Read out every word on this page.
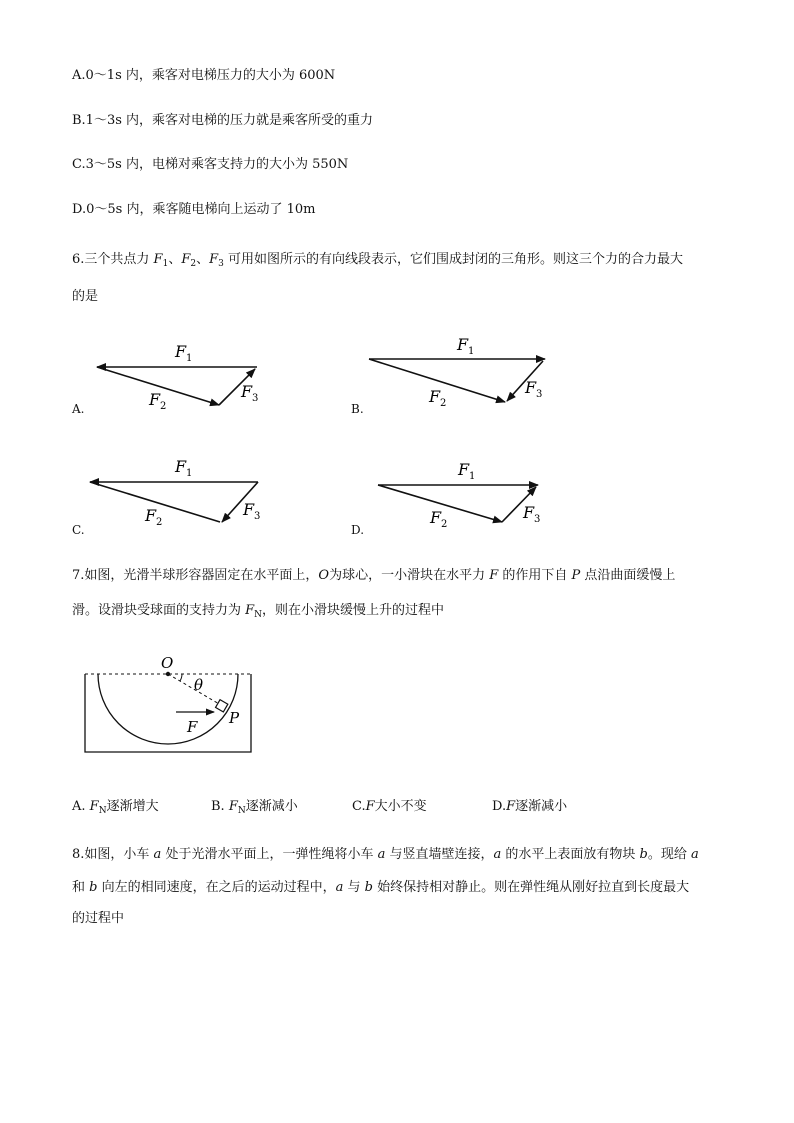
A.0～1s 内，乘客对电梯压力的大小为 600N
B.1～3s 内，乘客对电梯的压力就是乘客所受的重力
C.3～5s 内，电梯对乘客支持力的大小为 550N
D.0～5s 内，乘客随电梯向上运动了 10m
6.三个共点力 $F_1$、$F_2$、$F_3$ 可用如图所示的有向线段表示，它们围成封闭的三角形。则这三个力的合力最大
的是
A.	B.
C.	D.
F 1
F 2
F 3
F 1
F 2
F 3
F 1
F 2
F 3
F 1
F 2
F 3
7.如图，光滑半球形容器固定在水平面上，O为球心，一小滑块在水平力 F 的作用下自 P 点沿曲面缓慢上
滑。设滑块受球面的支持力为 $F_N$，则在小滑块缓慢上升的过程中
O
θ
F P
A. $F_N$逐渐增大	B. $F_N$逐渐减小	C.F大小不变	D.F逐渐减小
8.如图，小车 a 处于光滑水平面上，一弹性绳将小车 a 与竖直墙壁连接，a 的水平上表面放有物块 b。现给 a
和 b 向左的相同速度，在之后的运动过程中，a 与 b 始终保持相对静止。则在弹性绳从刚好拉直到长度最大
的过程中
